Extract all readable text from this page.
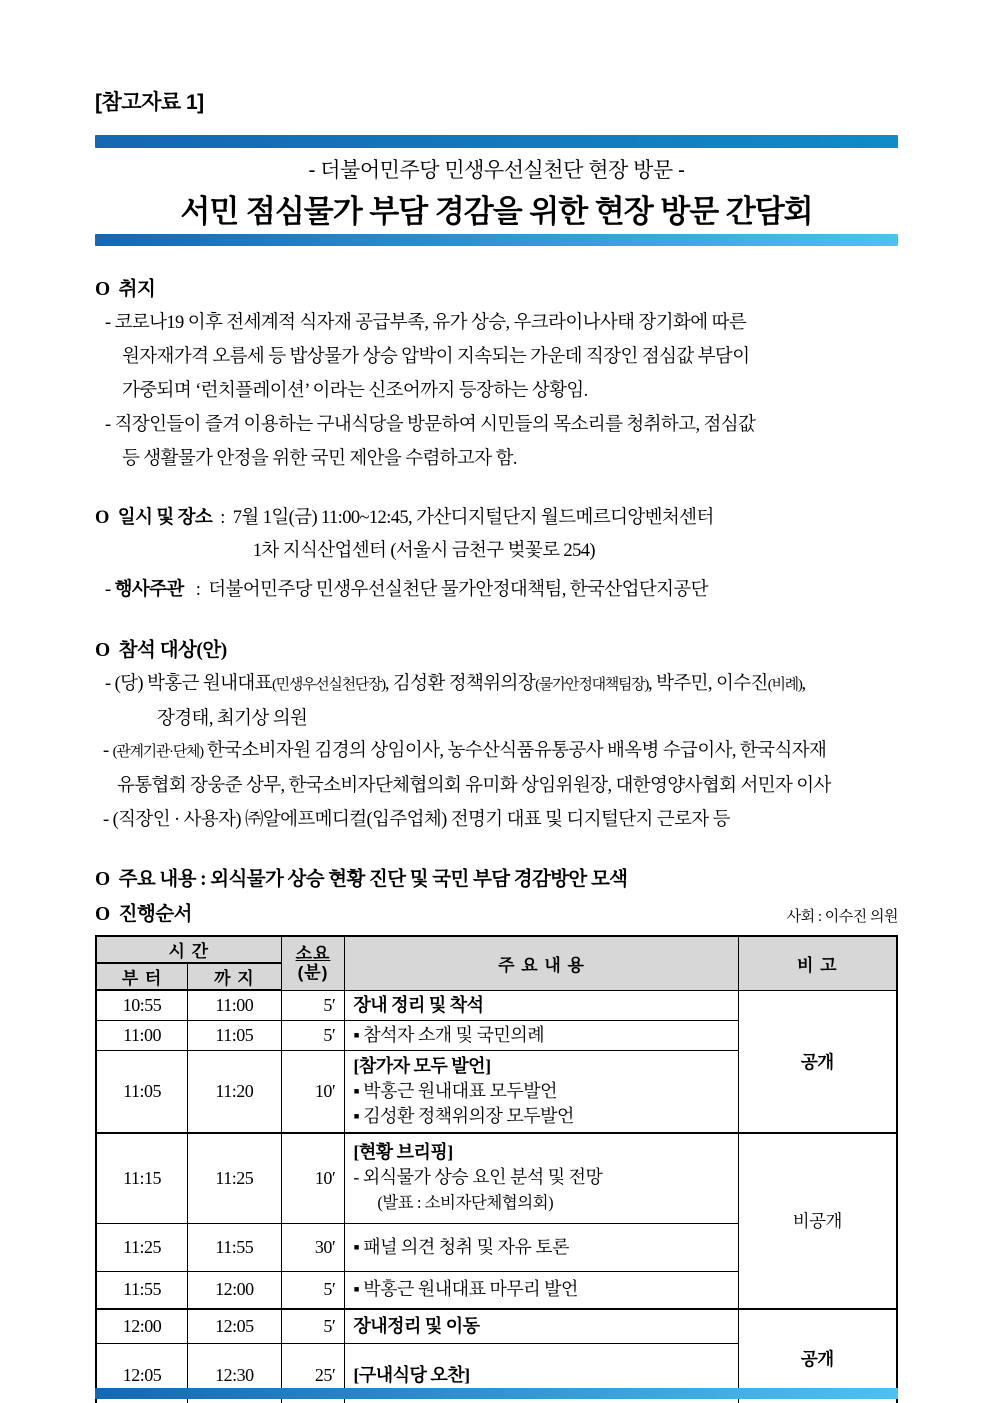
[참고자료 1]
- 더불어민주당 민생우선실천단 현장 방문 -
서민 점심물가 부담 경감을 위한 현장 방문 간담회
O 취지
- 코로나19 이후 전세계적 식자재 공급부족, 유가 상승, 우크라이나사태 장기화에 따른
원자재가격 오름세 등 밥상물가 상승 압박이 지속되는 가운데 직장인 점심값 부담이
가중되며 ‘런치플레이션’ 이라는 신조어까지 등장하는 상황임.
- 직장인들이 즐겨 이용하는 구내식당을 방문하여 시민들의 목소리를 청취하고, 점심값
등 생활물가 안정을 위한 국민 제안을 수렴하고자 함.
O 일시 및 장소 : 7월 1일(금) 11:00~12:45, 가산디지털단지 월드메르디앙벤처센터
1차 지식산업센터 (서울시 금천구 벚꽃로 254)
- 행사주관 : 더불어민주당 민생우선실천단 물가안정대책팀, 한국산업단지공단
O 참석 대상(안)
- (당) 박홍근 원내대표(민생우선실천단장), 김성환 정책위의장(물가안정대책팀장), 박주민, 이수진(비례),
장경태, 최기상 의원
- (관계기관·단체) 한국소비자원 김경의 상임이사, 농수산식품유통공사 배옥병 수급이사, 한국식자재
유통협회 장웅준 상무, 한국소비자단체협의회 유미화 상임위원장, 대한영양사협회 서민자 이사
- (직장인 · 사용자) ㈜알에프메디컬(입주업체) 전명기 대표 및 디지털단지 근로자 등
O 주요 내용 : 외식물가 상승 현황 진단 및 국민 부담 경감방안 모색
O 진행순서	사회 : 이수진 의원
시 간		소요
(분)	주 요 내 용	비 고
부 터	까 지			
10:55	11:00	5′	장내 정리 및 착석	공개
11:00	11:05	5′	▪ 참석자 소개 및 국민의례	

11:05	11:20	10′	[참가자 모두 발언]
▪ 박홍근 원내대표 모두발언
▪ 김성환 정책위의장 모두발언	

11:15	11:25	10′	[현황 브리핑]
- 외식물가 상승 요인 분석 및 전망
(발표 : 소비자단체협의회)	비공개
11:25	11:55	30′	▪ 패널 의견 청취 및 자유 토론	

11:55	12:00	5′	▪ 박홍근 원내대표 마무리 발언	

12:00	12:05	5′	장내정리 및 이동	공개
12:05	12:30	25′	[구내식당 오찬]	
